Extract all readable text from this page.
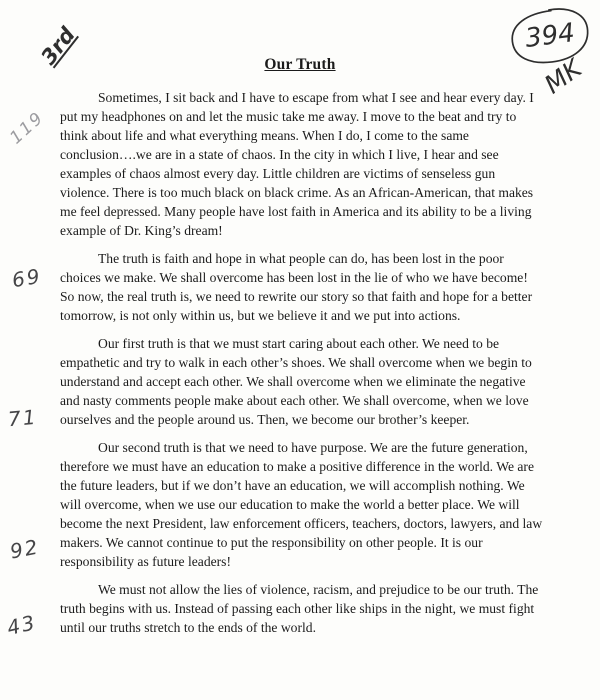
3rd	394
MK
Our Truth

Sometimes, I sit back and I have to escape from what I see and hear every day. I put my headphones on and let the music take me away. I move to the beat and try to think about life and what everything means. When I do, I come to the same conclusion….we are in a state of chaos. In the city in which I live, I hear and see examples of chaos almost every day. Little children are victims of senseless gun violence. There is too much black on black crime. As an African-American, that makes me feel depressed. Many people have lost faith in America and its ability to be a living example of Dr. King’s dream!

The truth is faith and hope in what people can do, has been lost in the poor choices we make. We shall overcome has been lost in the lie of who we have become! So now, the real truth is, we need to rewrite our story so that faith and hope for a better tomorrow, is not only within us, but we believe it and we put into actions.

Our first truth is that we must start caring about each other. We need to be empathetic and try to walk in each other’s shoes. We shall overcome when we begin to understand and accept each other. We shall overcome when we eliminate the negative and nasty comments people make about each other. We shall overcome, when we love ourselves and the people around us. Then, we become our brother’s keeper.

Our second truth is that we need to have purpose. We are the future generation, therefore we must have an education to make a positive difference in the world. We are the future leaders, but if we don’t have an education, we will accomplish nothing. We will overcome, when we use our education to make the world a better place. We will become the next President, law enforcement officers, teachers, doctors, lawyers, and law makers. We cannot continue to put the responsibility on other people. It is our responsibility as future leaders!

We must not allow the lies of violence, racism, and prejudice to be our truth. The truth begins with us. Instead of passing each other like ships in the night, we must fight until our truths stretch to the ends of the world.

119
69
71
92
43
